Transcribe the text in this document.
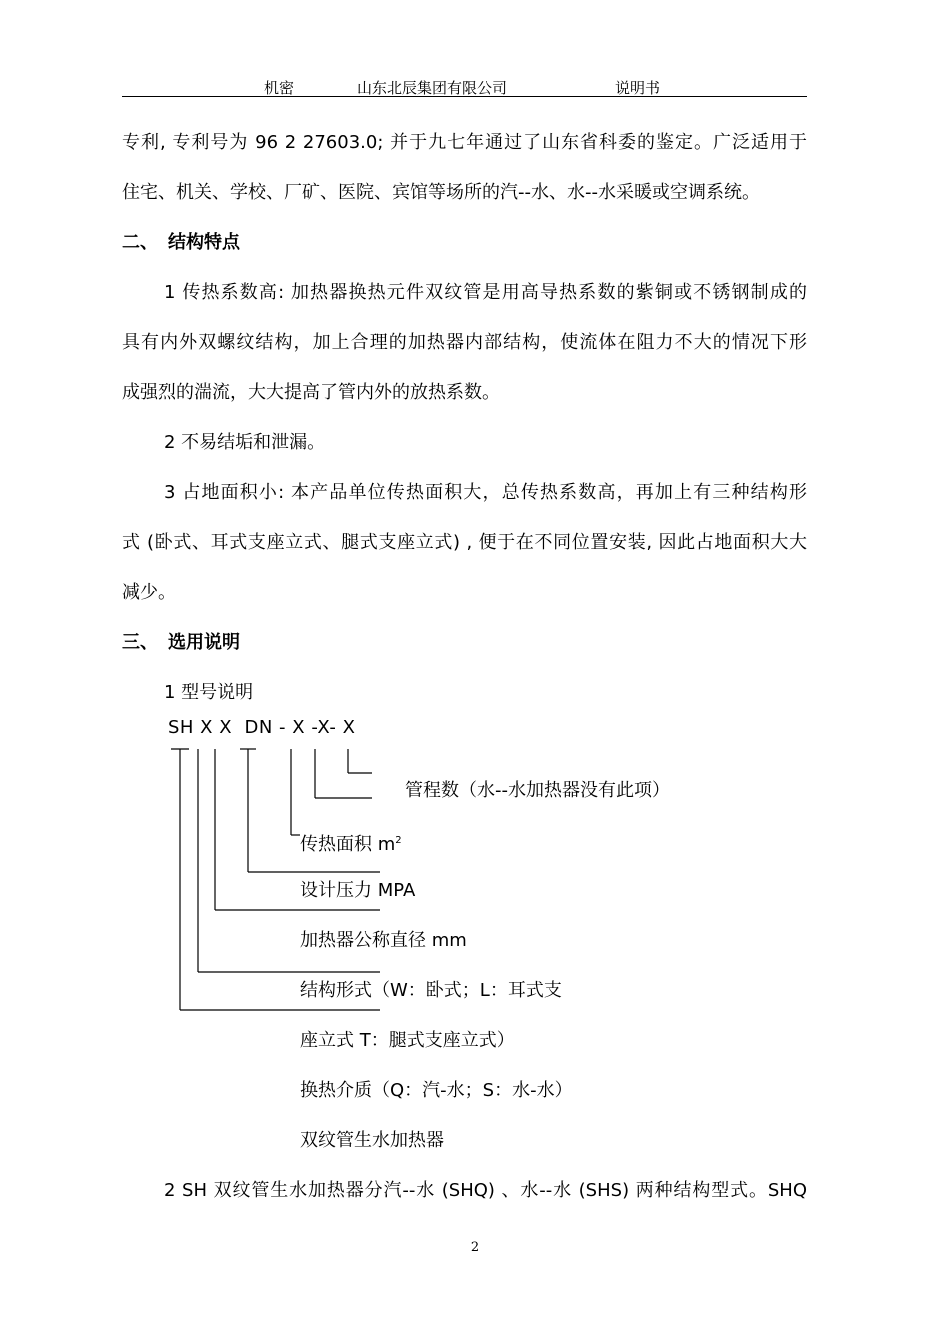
机密	山东北辰集团有限公司	说明书
专利, 专利号为 96 2 27603.0; 并于九七年通过了山东省科委的鉴定。广泛适用于
住宅、机关、学校、厂矿、医院、宾馆等场所的汽--水、水--水采暖或空调系统。
二、 结构特点
1 传热系数高: 加热器换热元件双纹管是用高导热系数的紫铜或不锈钢制成的
具有内外双螺纹结构，加上合理的加热器内部结构，使流体在阻力不大的情况下形
成强烈的湍流，大大提高了管内外的放热系数。
2 不易结垢和泄漏。
3 占地面积小: 本产品单位传热面积大，总传热系数高，再加上有三种结构形
式 (卧式、耳式支座立式、腿式支座立式) , 便于在不同位置安装, 因此占地面积大大
减少。
三、 选用说明
1 型号说明
SH X X  DN - X -X- X
管程数（水--水加热器没有此项）
传热面积 $m^2$
设计压力 MPA
加热器公称直径 mm
结构形式（W：卧式；L：耳式支
座立式 T：腿式支座立式）
换热介质（Q：汽-水；S：水-水）
双纹管生水加热器
2 SH 双纹管生水加热器分汽--水 (SHQ) 、水--水 (SHS) 两种结构型式。SHQ
2
